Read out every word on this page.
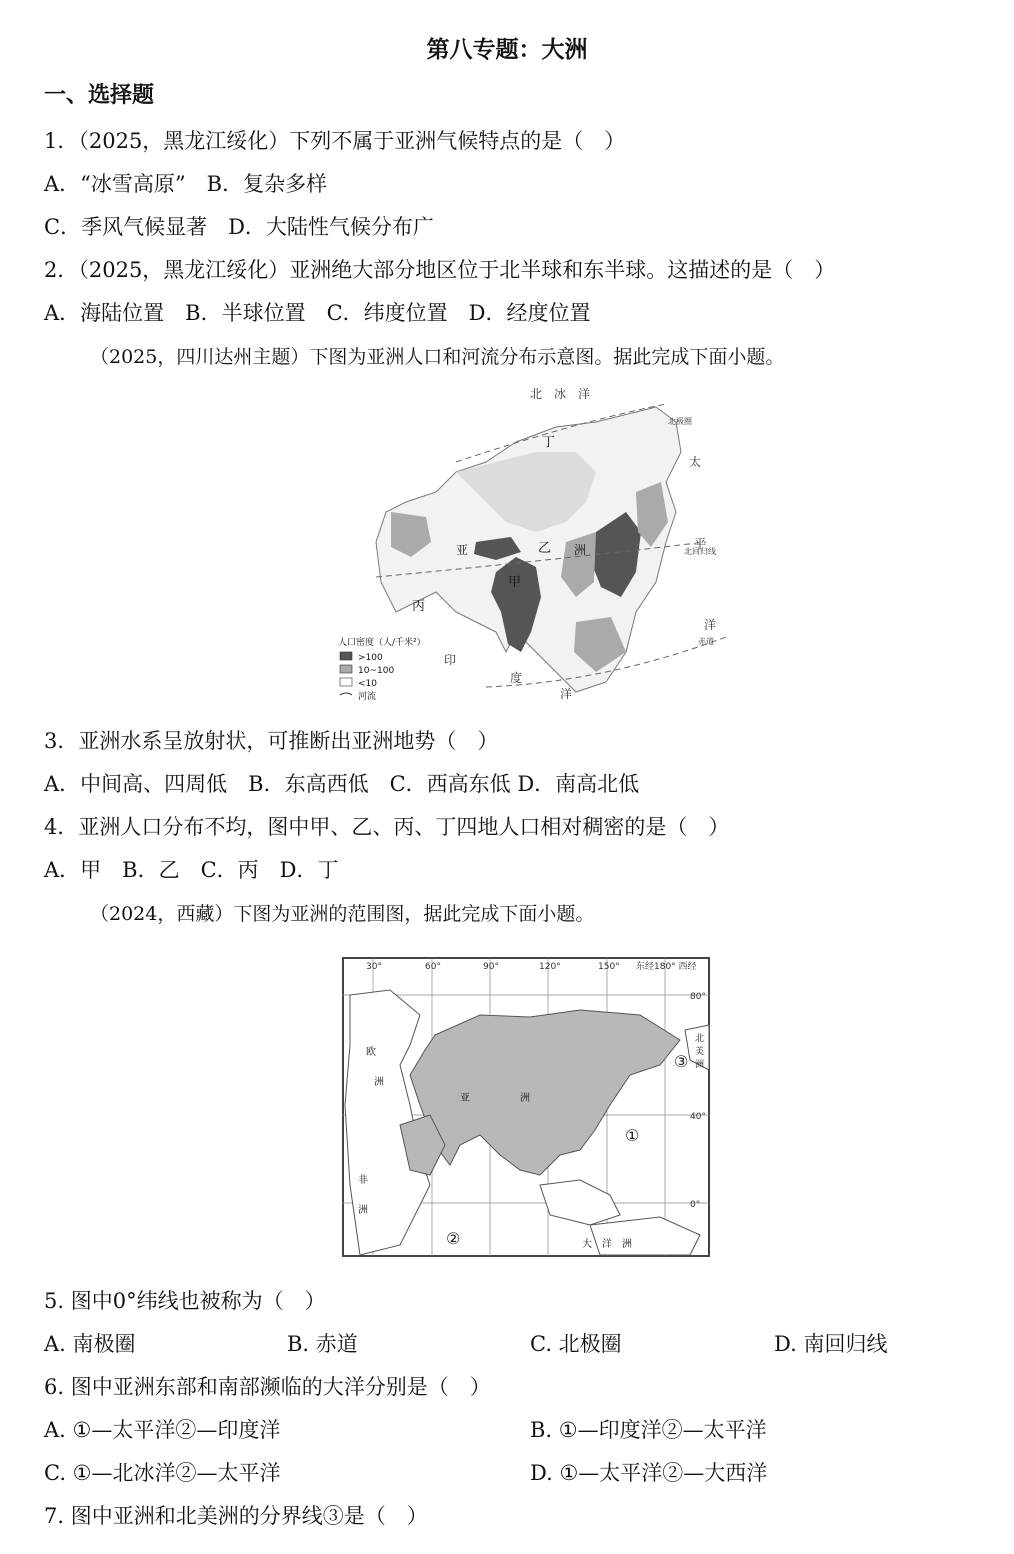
第八专题：大洲
一、选择题
1．（2025，黑龙江绥化）下列不属于亚洲气候特点的是（　）
A．“冰雪高原”　B．复杂多样
C．季风气候显著　D．大陆性气候分布广
2．（2025，黑龙江绥化）亚洲绝大部分地区位于北半球和东半球。这描述的是（　）
A．海陆位置　B．半球位置　C．纬度位置　D．经度位置
（2025，四川达州主题）下图为亚洲人口和河流分布示意图。据此完成下面小题。
北　冰　洋
太
平
洋
印
度
洋
丁
乙
甲
丙
亚	洲
北极圈
北回归线
赤道
人口密度（人/千米²）
>100
10~100
<10
河流
3．亚洲水系呈放射状，可推断出亚洲地势（　）
A．中间高、四周低　B．东高西低　C．西高东低 D．南高北低
4．亚洲人口分布不均，图中甲、乙、丙、丁四地人口相对稠密的是（　）
A．甲　B．乙　C．丙　D．丁
（2024，西藏）下图为亚洲的范围图，据此完成下面小题。
30°	60°	90°	120°	150° 东经180° 西经
80°
40°
0°
欧
洲
亚	洲
非
洲
大　洋　洲
北
美
洲
①
②
③
5. 图中0°纬线也被称为（　）
A. 南极圈	B. 赤道	C. 北极圈	D. 南回归线
6. 图中亚洲东部和南部濒临的大洋分别是（　）
A. ①—太平洋②—印度洋	B. ①—印度洋②—太平洋
C. ①—北冰洋②—太平洋	D. ①—太平洋②—大西洋
7. 图中亚洲和北美洲的分界线③是（　）
